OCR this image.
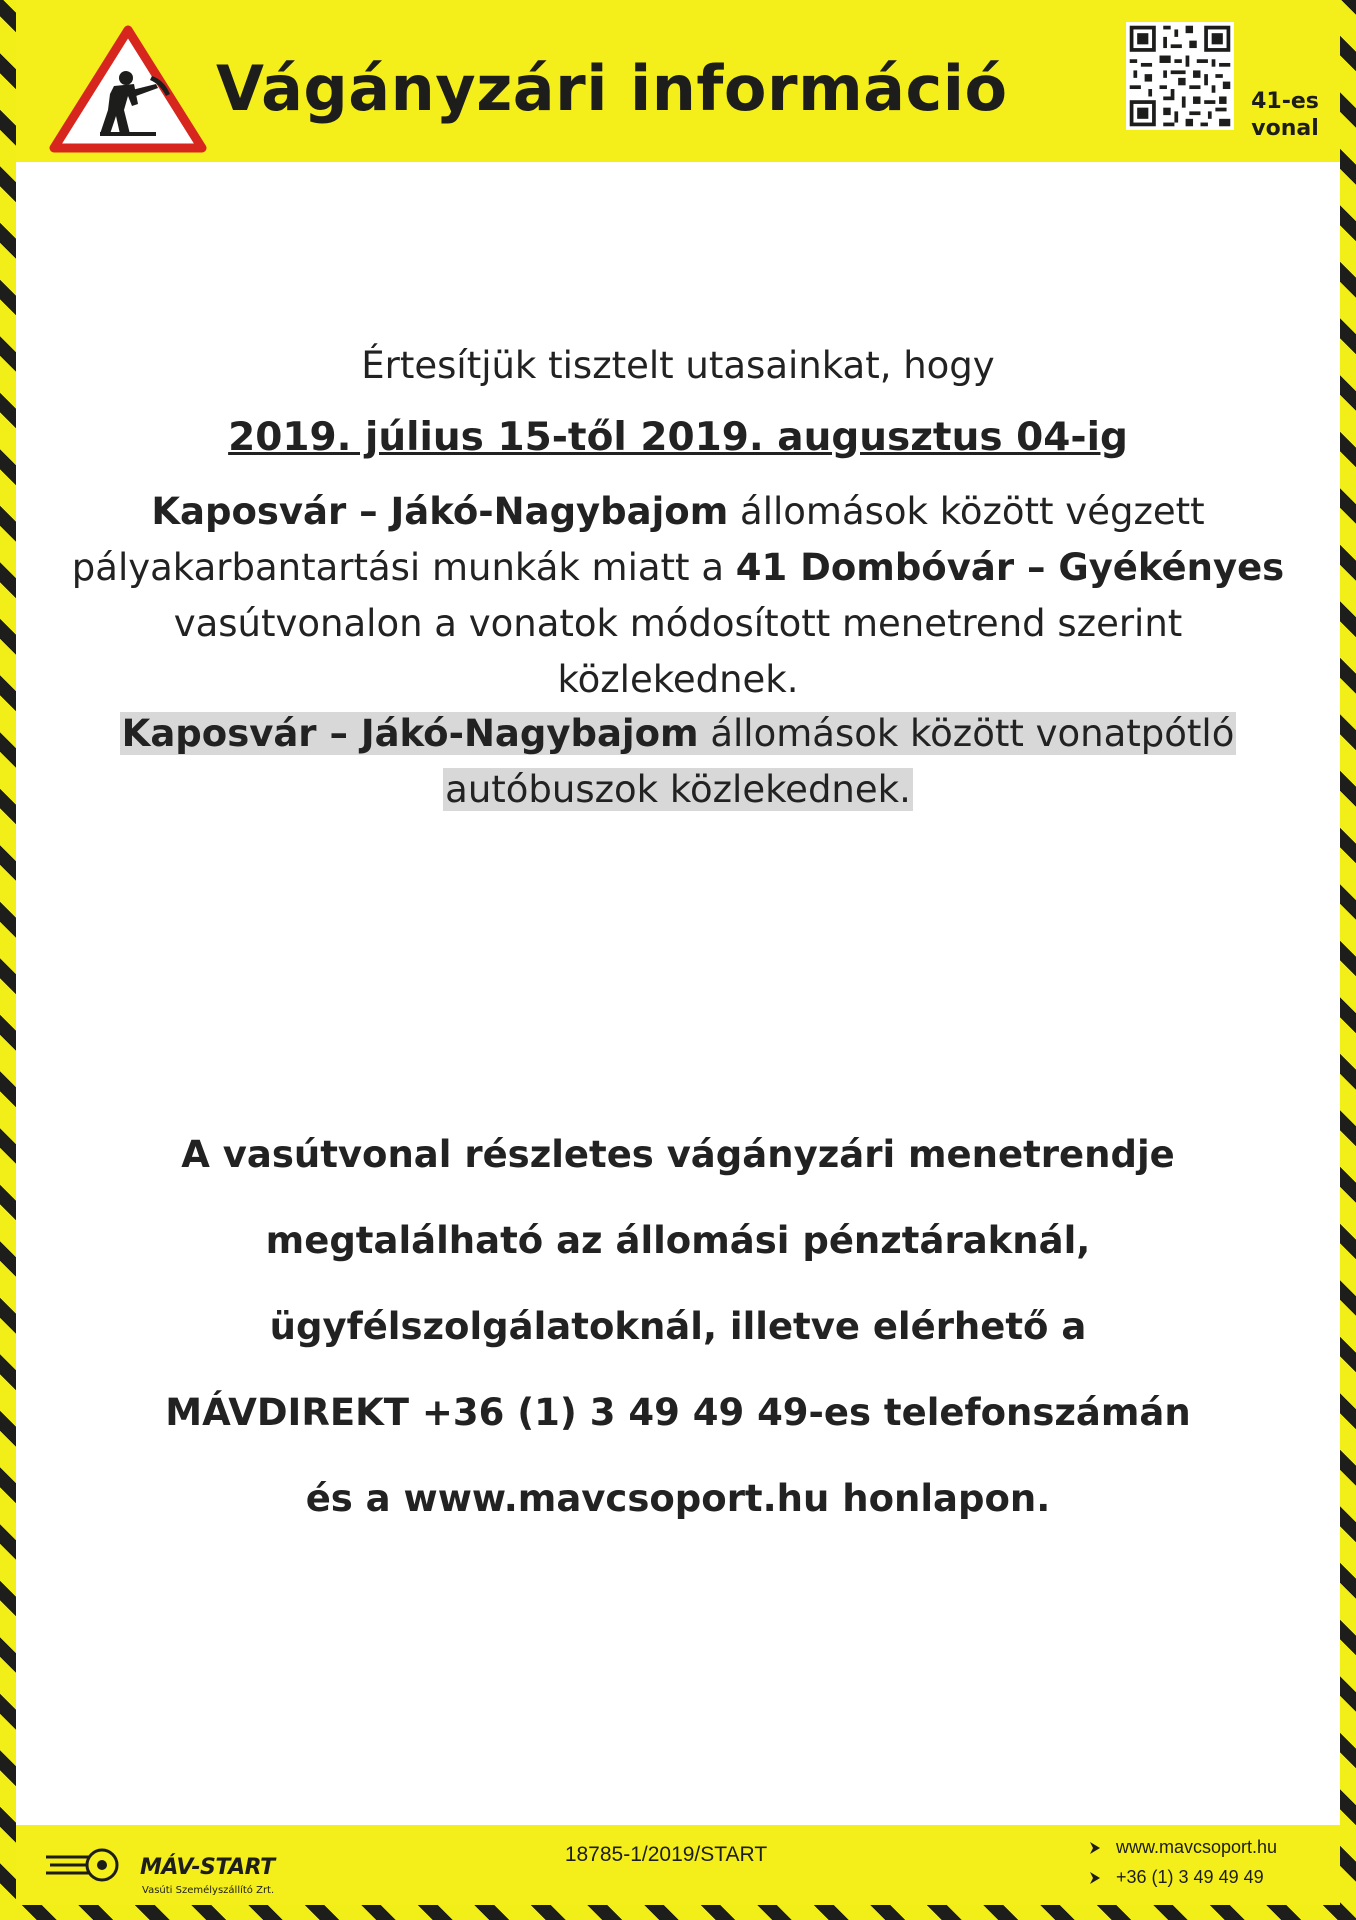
Vágányzári információ	41-es
vonal
Értesítjük tisztelt utasainkat, hogy
2019. július 15-től 2019. augusztus 04-ig
Kaposvár – Jákó-Nagybajom állomások között végzett
pályakarbantartási munkák miatt a 41 Dombóvár – Gyékényes
vasútvonalon a vonatok módosított menetrend szerint
közlekednek.
Kaposvár – Jákó-Nagybajom állomások között vonatpótló
autóbuszok közlekednek.
A vasútvonal részletes vágányzári menetrendje
megtalálható az állomási pénztáraknál,
ügyfélszolgálatoknál, illetve elérhető a
MÁVDIREKT +36 (1) 3 49 49 49-es telefonszámán
és a www.mavcsoport.hu honlapon.
MÁV-START
Vasúti Személyszállító Zrt.
18785-1/2019/START	www.mavcsoport.hu
+36 (1) 3 49 49 49
